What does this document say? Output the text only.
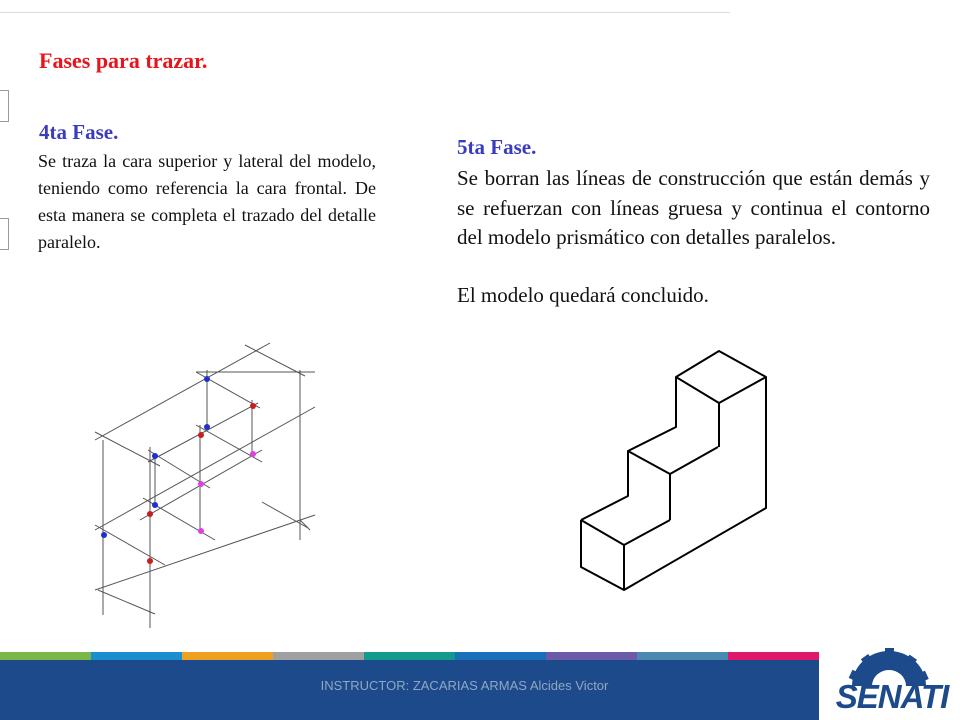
Fases para trazar.
4ta Fase.

Se traza la cara superior y lateral del modelo, teniendo como referencia la cara frontal. De esta manera se completa el trazado del detalle paralelo.

5ta Fase.

Se borran las líneas de construcción que están demás y se refuerzan con líneas gruesa y continua el contorno del modelo prismático con detalles paralelos.

El modelo quedará concluido.

INSTRUCTOR: ZACARIAS ARMAS Alcides Victor	SENATI
